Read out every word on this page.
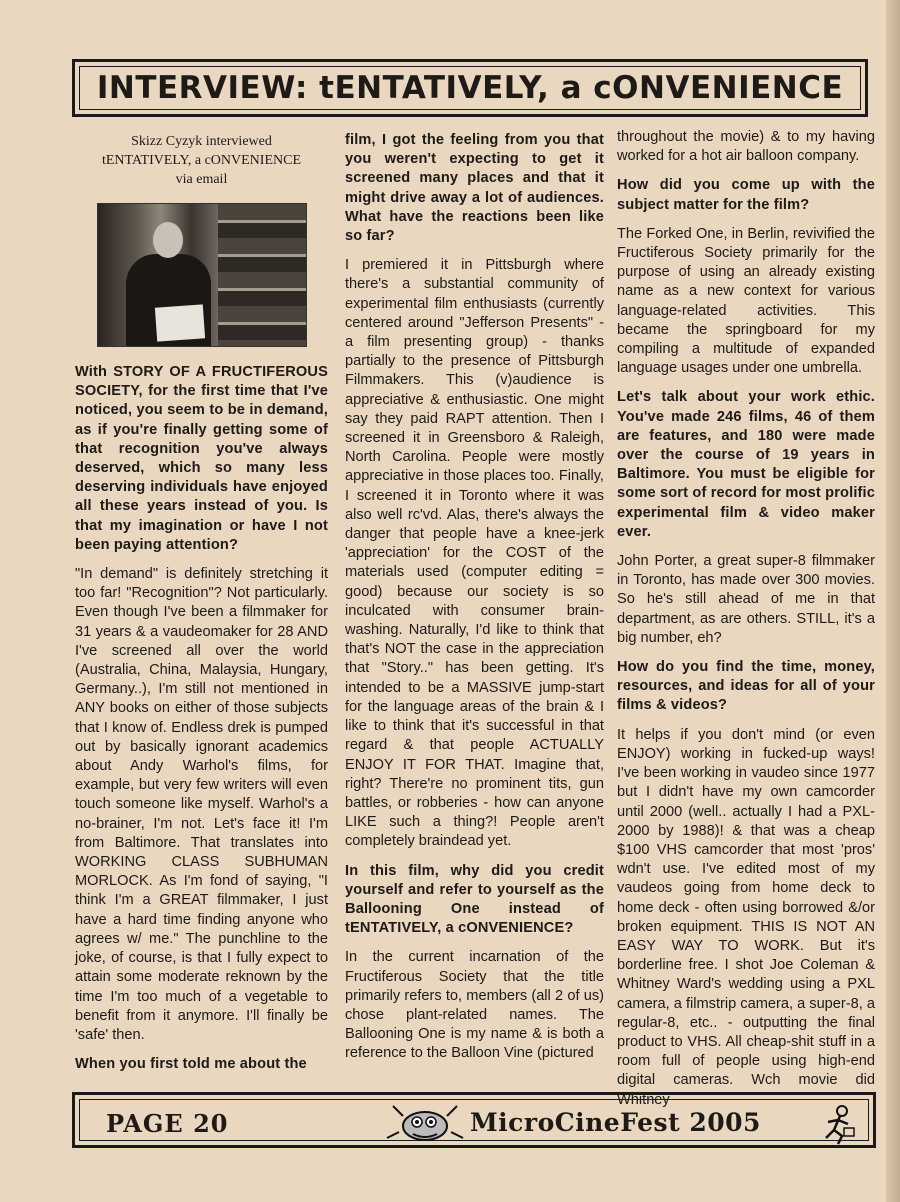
INTERVIEW: tENTATIVELY, a cONVENIENCE
Skizz Cyzyk interviewed
tENTATIVELY, a cONVENIENCE
via email

With STORY OF A FRUCTIFEROUS SOCIETY, for the first time that I've noticed, you seem to be in demand, as if you're finally getting some of that recognition you've always deserved, which so many less deserving individuals have enjoyed all these years instead of you. Is that my imagination or have I not been paying attention?

"In demand" is definitely stretching it too far! "Recognition"? Not particularly. Even though I've been a filmmaker for 31 years & a vaudeomaker for 28 AND I've screened all over the world (Australia, China, Malaysia, Hungary, Germany..), I'm still not mentioned in ANY books on either of those subjects that I know of. Endless drek is pumped out by basically ignorant academics about Andy Warhol's films, for example, but very few writers will even touch someone like myself. Warhol's a no-brainer, I'm not. Let's face it! I'm from Baltimore. That translates into WORKING CLASS SUBHUMAN MORLOCK. As I'm fond of saying, "I think I'm a GREAT filmmaker, I just have a hard time finding anyone who agrees w/ me." The punchline to the joke, of course, is that I fully expect to attain some moderate reknown by the time I'm too much of a vegetable to benefit from it anymore. I'll finally be 'safe' then.

When you first told me about the

film, I got the feeling from you that you weren't expecting to get it screened many places and that it might drive away a lot of audiences. What have the reactions been like so far?

I premiered it in Pittsburgh where there's a substantial community of experimental film enthusiasts (currently centered around "Jefferson Presents" - a film presenting group) - thanks partially to the presence of Pittsburgh Filmmakers. This (v)audience is appreciative & enthusiastic. One might say they paid RAPT attention. Then I screened it in Greensboro & Raleigh, North Carolina. People were mostly appreciative in those places too. Finally, I screened it in Toronto where it was also well rc'vd. Alas, there's always the danger that people have a knee-jerk 'appreciation' for the COST of the materials used (computer editing = good) because our society is so inculcated with consumer brain-washing. Naturally, I'd like to think that that's NOT the case in the appreciation that "Story.." has been getting. It's intended to be a MASSIVE jump-start for the language areas of the brain & I like to think that it's successful in that regard & that people ACTUALLY ENJOY IT FOR THAT. Imagine that, right? There're no prominent tits, gun battles, or robberies - how can anyone LIKE such a thing?! People aren't completely braindead yet.

In this film, why did you credit yourself and refer to yourself as the Ballooning One instead of tENTATIVELY, a cONVENIENCE?

In the current incarnation of the Fructiferous Society that the title primarily refers to, members (all 2 of us) chose plant-related names. The Ballooning One is my name & is both a reference to the Balloon Vine (pictured

throughout the movie) & to my having worked for a hot air balloon company.

How did you come up with the subject matter for the film?

The Forked One, in Berlin, revivified the Fructiferous Society primarily for the purpose of using an already existing name as a new context for various language-related activities. This became the springboard for my compiling a multitude of expanded language usages under one umbrella.

Let's talk about your work ethic. You've made 246 films, 46 of them are features, and 180 were made over the course of 19 years in Baltimore. You must be eligible for some sort of record for most prolific experimental film & video maker ever.

John Porter, a great super-8 filmmaker in Toronto, has made over 300 movies. So he's still ahead of me in that department, as are others. STILL, it's a big number, eh?

How do you find the time, money, resources, and ideas for all of your films & videos?

It helps if you don't mind (or even ENJOY) working in fucked-up ways! I've been working in vaudeo since 1977 but I didn't have my own camcorder until 2000 (well.. actually I had a PXL-2000 by 1988)! & that was a cheap $100 VHS camcorder that most 'pros' wdn't use. I've edited most of my vaudeos going from home deck to home deck - often using borrowed &/or broken equipment. THIS IS NOT AN EASY WAY TO WORK. But it's borderline free. I shot Joe Coleman & Whitney Ward's wedding using a PXL camera, a filmstrip camera, a super-8, a regular-8, etc.. - outputting the final product to VHS. All cheap-shit stuff in a room full of people using high-end digital cameras. Wch movie did Whitney

PAGE 20	MicroCineFest 2005
